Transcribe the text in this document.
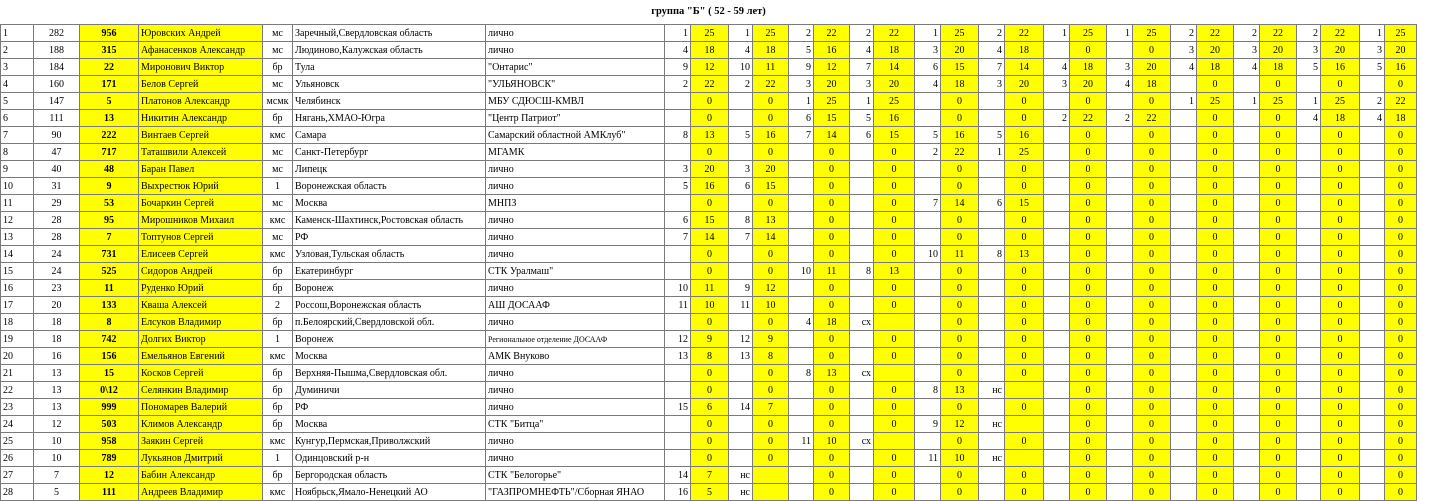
группа "Б" ( 52 - 59 лет)
1	282	956	Юровских Андрей	мс	Заречный,Свердловская область	лично	1	25	1	25	2	22	2	22	1	25	2	22	1	25	1	25	2	22	2	22	2	22	1	25
2	188	315	Афанасенков Александр	мс	Людиново,Калужская область	лично	4	18	4	18	5	16	4	18	3	20	4	18		0		0	3	20	3	20	3	20	3	20
3	184	22	Миронович Виктор	бр	Тула	"Онтарис"	9	12	10	11	9	12	7	14	6	15	7	14	4	18	3	20	4	18	4	18	5	16	5	16
4	160	171	Белов Сергей	мс	Ульяновск	"УЛЬЯНОВСК"	2	22	2	22	3	20	3	20	4	18	3	20	3	20	4	18		0		0		0		0
5	147	5	Платонов Александр	мсмк	Челябинск	МБУ СДЮСШ-КМВЛ		0		0	1	25	1	25		0		0		0		0	1	25	1	25	1	25	2	22
6	111	13	Никитин Александр	бр	Нягань,ХМАО-Югра	"Центр Патриот"		0		0	6	15	5	16		0		0	2	22	2	22		0		0	4	18	4	18
7	90	222	Винтаев Сергей	кмс	Самара	Самарский областной АМКлуб"	8	13	5	16	7	14	6	15	5	16	5	16		0		0		0		0		0		0
8	47	717	Таташвили Алексей	мс	Санкт-Петербург	МГАМК		0		0		0		0	2	22	1	25		0		0		0		0		0		0
9	40	48	Баран Павел	мс	Липецк	лично	3	20	3	20		0		0		0		0		0		0		0		0		0		0
10	31	9	Выхрестюк Юрий	1	Воронежская область	лично	5	16	6	15		0		0		0		0		0		0		0		0		0		0
11	29	53	Бочаркин Сергей	мс	Москва	МНПЗ		0		0		0		0	7	14	6	15		0		0		0		0		0		0
12	28	95	Мирошников Михаил	кмс	Каменск-Шахтинск,Ростовская область	лично	6	15	8	13		0		0		0		0		0		0		0		0		0		0
13	28	7	Топтунов Сергей	мс	РФ	лично	7	14	7	14		0		0		0		0		0		0		0		0		0		0
14	24	731	Елисеев Сергей	кмс	Узловая,Тульская область	лично		0		0		0		0	10	11	8	13		0		0		0		0		0		0
15	24	525	Сидоров Андрей	бр	Екатеринбург	СТК Уралмаш"		0		0	10	11	8	13		0		0		0		0		0		0		0		0
16	23	11	Руденко Юрий	бр	Воронеж	лично	10	11	9	12		0		0		0		0		0		0		0		0		0		0
17	20	133	Кваша Алексей	2	Россош,Воронежская область	АШ ДОСААФ	11	10	11	10		0		0		0		0		0		0		0		0		0		0
18	18	8	Елсуков Владимир	бр	п.Белоярский,Свердловской обл.	лично		0		0	4	18	сх			0		0		0		0		0		0		0		0
19	18	742	Долгих Виктор	1	Воронеж	Региональное отделение ДОСААФ	12	9	12	9		0		0		0		0		0		0		0		0		0		0
20	16	156	Емельянов Евгений	кмс	Москва	АМК Внуково	13	8	13	8		0		0		0		0		0		0		0		0		0		0
21	13	15	Косков Сергей	бр	Верхняя-Пышма,Свердловская обл.	лично		0		0	8	13	сх			0		0		0		0		0		0		0		0
22	13	0\12	Селянкин Владимир	бр	Думиничи	лично		0		0		0		0	8	13	нс			0		0		0		0		0		0
23	13	999	Пономарев Валерий	бр	РФ	лично	15	6	14	7		0		0		0		0		0		0		0		0		0		0
24	12	503	Климов Александр	бр	Москва	СТК "Битца"		0		0		0		0	9	12	нс			0		0		0		0		0		0
25	10	958	Заякин Сергей	кмс	Кунгур,Пермская,Приволжский	лично		0		0	11	10	сх			0		0		0		0		0		0		0		0
26	10	789	Лукьянов Дмитрий	1	Одинцовский р-н	лично		0		0		0		0	11	10	нс			0		0		0		0		0		0
27	7	12	Бабин Александр	бр	Бергородская область	СТК "Белогорье"	14	7	нс			0		0		0		0		0		0		0		0		0		0
28	5	111	Андреев Владимир	кмс	Ноябрьск,Ямало-Ненецкий АО	"ГАЗПРОМНЕФТЬ"/Сборная ЯНАО	16	5	нс			0		0		0		0		0		0		0		0		0		0
